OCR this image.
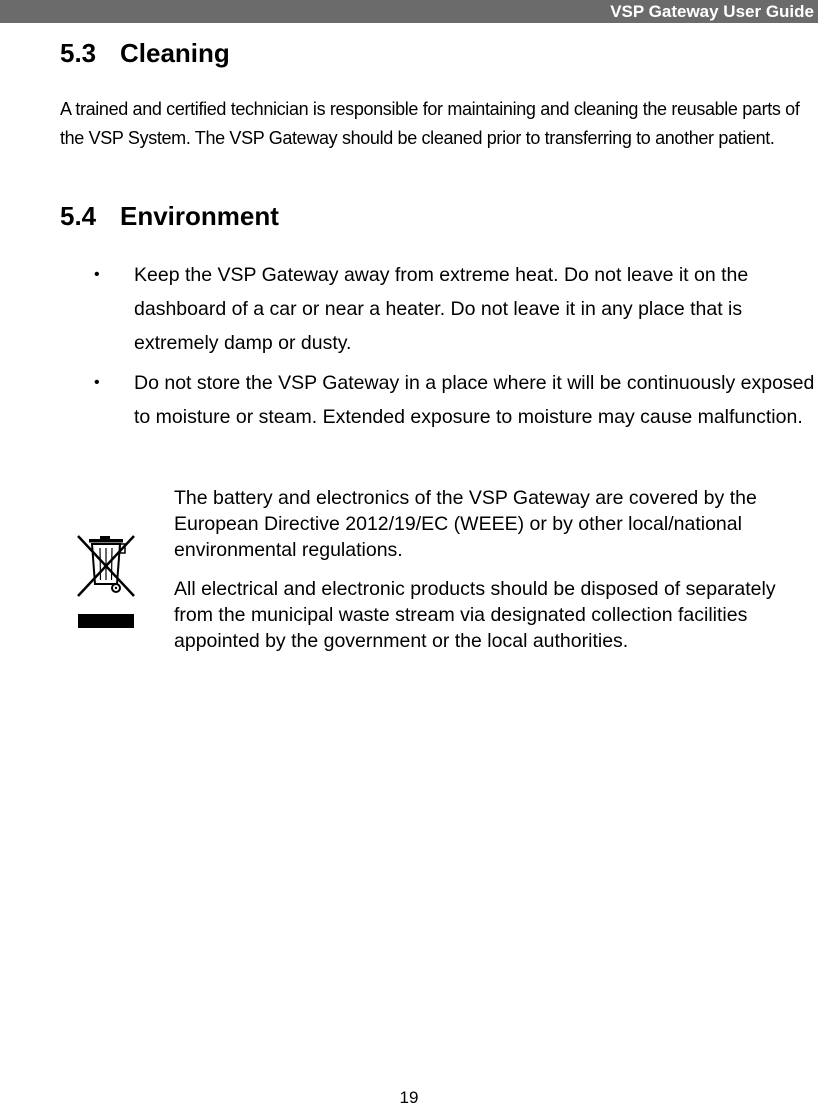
VSP Gateway User Guide
5.3 Cleaning
A trained and certified technician is responsible for maintaining and cleaning the reusable parts of the VSP System. The VSP Gateway should be cleaned prior to transferring to another patient.
5.4 Environment
• Keep the VSP Gateway away from extreme heat. Do not leave it on the dashboard of a car or near a heater. Do not leave it in any place that is extremely damp or dusty.
• Do not store the VSP Gateway in a place where it will be continuously exposed to moisture or steam. Extended exposure to moisture may cause malfunction.
The battery and electronics of the VSP Gateway are covered by the European Directive 2012/19/EC (WEEE) or by other local/national environmental regulations.
All electrical and electronic products should be disposed of separately from the municipal waste stream via designated collection facilities appointed by the government or the local authorities.
19
